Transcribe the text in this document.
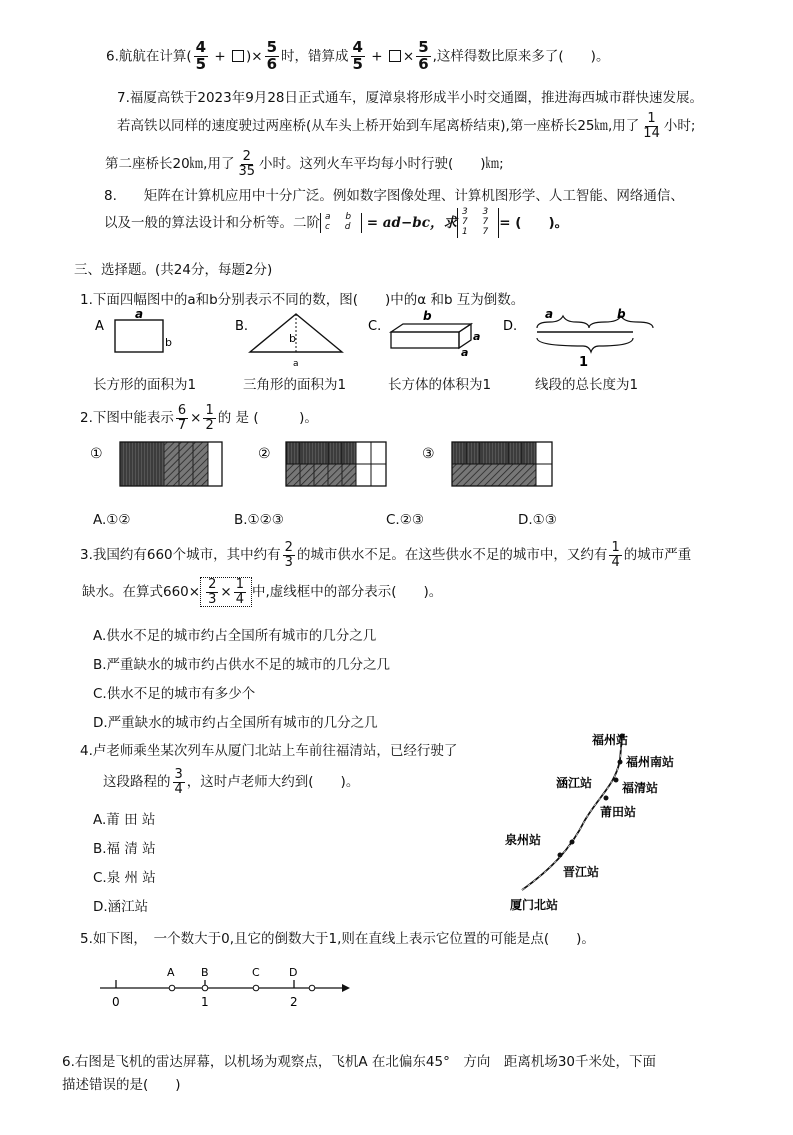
6.航航在计算( $\frac{4}{5}$ + )× $\frac{5}{6}$ 时，错算成 $\frac{4}{5}$ + × $\frac{5}{6}$ ,这样得数比原来多了(　　)。
7.福厦高铁于2023年9月28日正式通车，厦漳泉将形成半小时交通圈，推进海西城市群快速发展。
若高铁以同样的速度驶过两座桥(从车头上桥开始到车尾离桥结束),第一座桥长25㎞,用了 $\frac{1}{14}$ 小时;
第二座桥长20㎞,用了 $\frac{2}{35}$ 小时。这列火车平均每小时行驶(　　)㎞;
8.　　矩阵在计算机应用中十分广泛。例如数字图像处理、计算机图形学、人工智能、网络通信、
以及一般的算法设计和分析等。二阶 a b
c d = ad−bc，求
3 3
7 7
1 7
= (　　)。
三、选择题。(共24分，每题2分)
1.下面四幅图中的a和b分别表示不同的数，图(　　)中的α 和b 互为倒数。
A
a
b
B.
b
a
C.
b
a
a
D.
a	b
1
长方形的面积为1	三角形的面积为1	长方体的体积为1	线段的总长度为1
2.下图中能表示 $\frac{6}{7} \times \frac{1}{2}$ 的 是 (　　　)。
①	②	③
A.①②	B.①②③	C.②③	D.①③
3.我国约有660个城市，其中约有 $\frac{2}{3}$ 的城市供水不足。在这些供水不足的城市中，又约有 $\frac{1}{4}$ 的城市严重
缺水。在算式$660\times \frac{2}{3} \times \frac{1}{4}$ 中,虚线框中的部分表示(　　)。
A.供水不足的城市约占全国所有城市的几分之几
B.严重缺水的城市约占供水不足的城市的几分之几
C.供水不足的城市有多少个
D.严重缺水的城市约占全国所有城市的几分之几
4.卢老师乘坐某次列车从厦门北站上车前往福清站，已经行驶了
这段路程的 $\frac{3}{4}$ ，这时卢老师大约到(　　)。
A.莆 田 站
B.福 清 站
C.泉 州 站
D.涵江站
福州站
福州南站
涵江站 福清站
莆田站
泉州站
晋江站
厦门北站
5.如下图，　一个数大于0,且它的倒数大于1,则在直线上表示它位置的可能是点(　　)。
A B	C	D
0	1	2
6.右图是飞机的雷达屏幕，以机场为观察点，飞机A 在北偏东45°　方向　距离机场30千米处，下面
描述错误的是(　　)
